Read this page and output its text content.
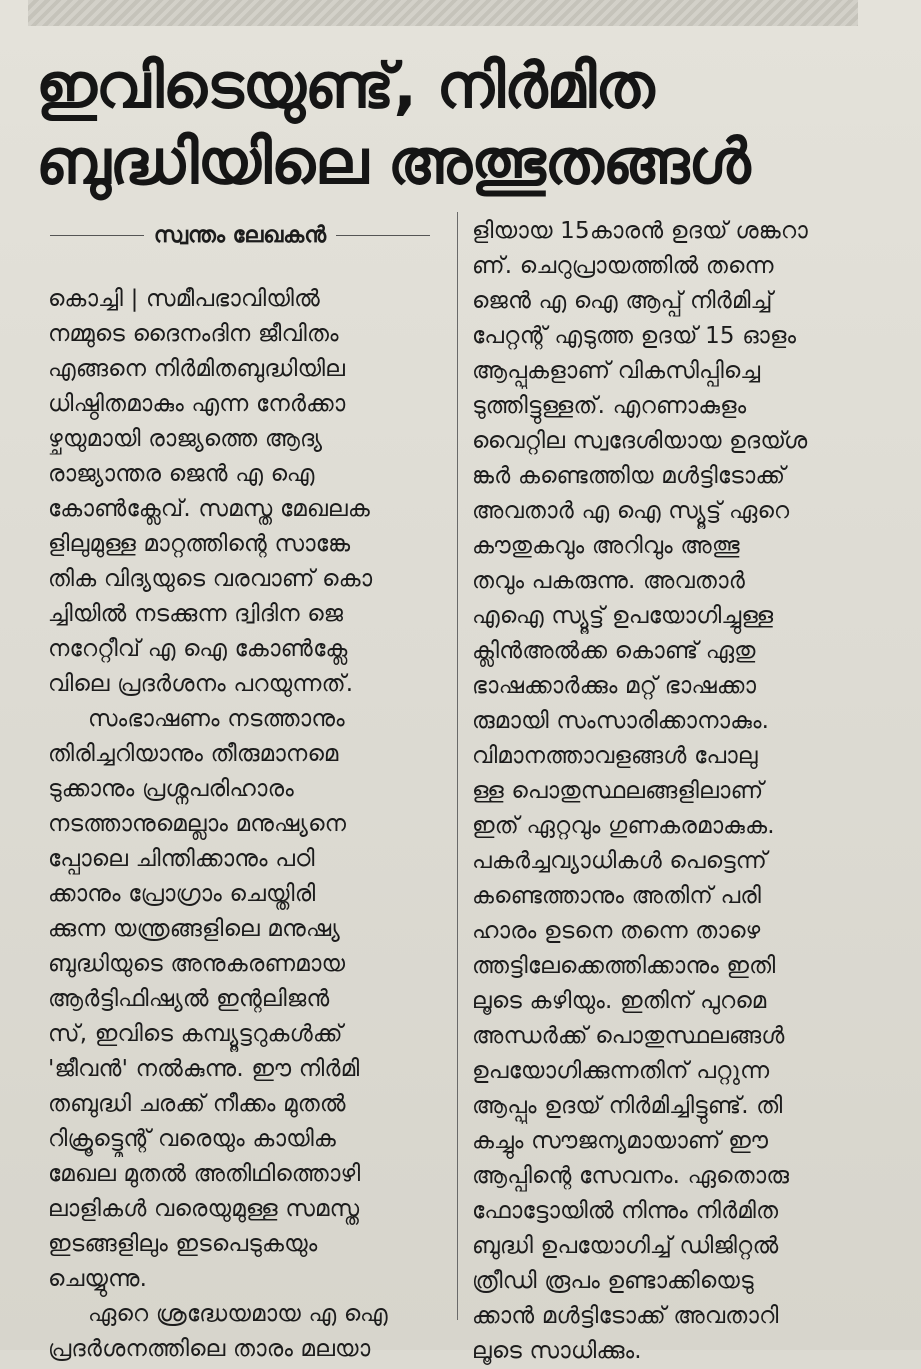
ഇവിടെയുണ്ട്, നിർമിത
ബുദ്ധിയിലെ അത്ഭുതങ്ങൾ
സ്വന്തം ലേഖകൻ
കൊച്ചി | സമീപഭാവിയിൽ
നമ്മുടെ ദൈനംദിന ജീവിതം
എങ്ങനെ നിർമിതബുദ്ധിയില
ധിഷ്ഠിതമാകും എന്ന നേർക്കാ
ഴ്ചയുമായി രാജ്യത്തെ ആദ്യ
രാജ്യാന്തര ജെൻ എ ഐ
കോൺക്ലേവ്. സമസ്ത മേഖലക
ളിലുമുള്ള മാറ്റത്തിന്റെ സാങ്കേ
തിക വിദ്യയുടെ വരവാണ് കൊ
ച്ചിയിൽ നടക്കുന്ന ദ്വിദിന ജെ
നറേറ്റീവ് എ ഐ കോൺക്ലേ
വിലെ പ്രദർശനം പറയുന്നത്.
സംഭാഷണം നടത്താനും
തിരിച്ചറിയാനും തീരുമാനമെ
ടുക്കാനും പ്രശ്നപരിഹാരം
നടത്താനുമെല്ലാം മനുഷ്യനെ
പ്പോലെ ചിന്തിക്കാനും പഠി
ക്കാനും പ്രോഗ്രാം ചെയ്തിരി
ക്കുന്ന യന്ത്രങ്ങളിലെ മനുഷ്യ
ബുദ്ധിയുടെ അനുകരണമായ
ആർട്ടിഫിഷ്യൽ ഇന്റലിജൻ
സ്, ഇവിടെ കമ്പ്യൂട്ടറുകൾക്ക്
'ജീവൻ' നൽകുന്നു. ഈ നിർമി
തബുദ്ധി ചരക്ക് നീക്കം മുതൽ
റിക്രൂട്ട്മെന്റ് വരെയും കായിക
മേഖല മുതൽ അതിഥിത്തൊഴി
ലാളികൾ വരെയുമുള്ള സമസ്ത
ഇടങ്ങളിലും ഇടപെടുകയും
ചെയ്യുന്നു.
ഏറെ ശ്രദ്ധേയമായ എ ഐ
പ്രദർശനത്തിലെ താരം മലയാ
ളിയായ 15കാരൻ ഉദയ് ശങ്കറാ
ണ്. ചെറുപ്രായത്തിൽ തന്നെ
ജെൻ എ ഐ ആപ്പ് നിർമിച്ച്
പേറ്റന്റ് എടുത്ത ഉദയ് 15 ഓളം
ആപ്പുകളാണ് വികസിപ്പിച്ചെ
ടുത്തിട്ടുള്ളത്. എറണാകുളം
വൈറ്റില സ്വദേശിയായ ഉദയ്ശ
ങ്കർ കണ്ടെത്തിയ മൾട്ടിടോക്ക്
അവതാർ എ ഐ സ്യൂട്ട് ഏറെ
കൗതുകവും അറിവും അത്ഭു
തവും പകരുന്നു. അവതാർ
എഐ സ്യൂട്ട് ഉപയോഗിച്ചുള്ള
ക്ലിൻഅൽക്ക കൊണ്ട് ഏതു
ഭാഷക്കാർക്കും മറ്റ് ഭാഷക്കാ
രുമായി സംസാരിക്കാനാകും.
വിമാനത്താവളങ്ങൾ പോലു
ള്ള പൊതുസ്ഥലങ്ങളിലാണ്
ഇത് ഏറ്റവും ഗുണകരമാകുക.
പകർച്ചവ്യാധികൾ പെട്ടെന്ന്
കണ്ടെത്താനും അതിന് പരി
ഹാരം ഉടനെ തന്നെ താഴെ
ത്തട്ടിലേക്കെത്തിക്കാനും ഇതി
ലൂടെ കഴിയും. ഇതിന് പുറമെ
അന്ധർക്ക് പൊതുസ്ഥലങ്ങൾ
ഉപയോഗിക്കുന്നതിന് പറ്റുന്ന
ആപ്പും ഉദയ് നിർമിച്ചിട്ടുണ്ട്. തി
കച്ചും സൗജന്യമായാണ് ഈ
ആപ്പിന്റെ സേവനം. ഏതൊരു
ഫോട്ടോയിൽ നിന്നും നിർമിത
ബുദ്ധി ഉപയോഗിച്ച് ഡിജിറ്റൽ
ത്രീഡി രൂപം ഉണ്ടാക്കിയെടു
ക്കാൻ മൾട്ടിടോക്ക് അവതാറി
ലൂടെ സാധിക്കും.
